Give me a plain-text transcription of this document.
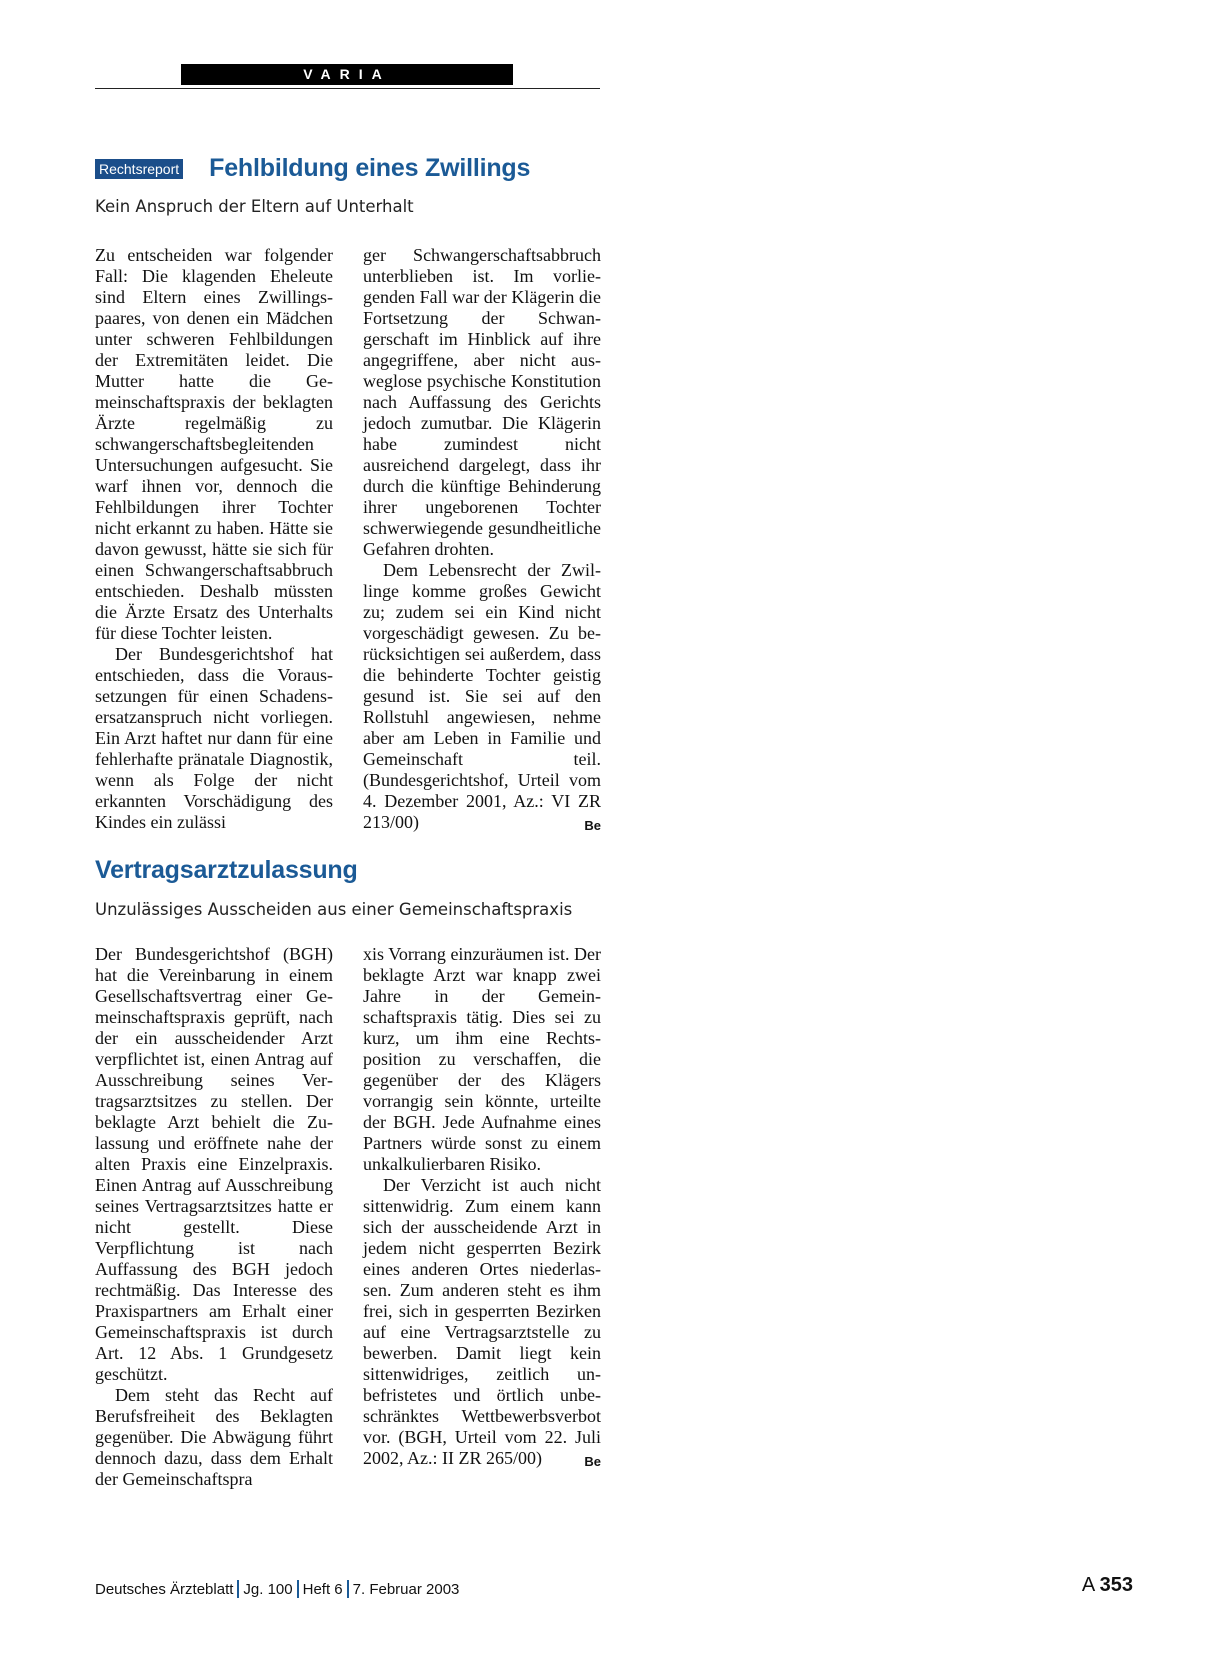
VARIA
Rechtsreport Fehlbildung eines Zwillings
Kein Anspruch der Eltern auf Unterhalt

Zu entscheiden war folgender Fall: Die klagenden Eheleute sind Eltern eines Zwillingspaares, von denen ein Mädchen unter schweren Fehlbildungen der Extremitäten leidet. Die Mutter hatte die Gemeinschaftspraxis der beklagten Ärzte regelmäßig zu schwangerschaftsbegleitenden Untersuchungen aufgesucht. Sie warf ihnen vor, dennoch die Fehlbildungen ihrer Tochter nicht erkannt zu haben. Hätte sie davon gewusst, hätte sie sich für einen Schwangerschaftsabbruch entschieden. Deshalb müssten die Ärzte Ersatz des Unterhalts für diese Tochter leisten.

Der Bundesgerichtshof hat entschieden, dass die Voraussetzungen für einen Schadensersatzanspruch nicht vorliegen. Ein Arzt haftet nur dann für eine fehlerhafte pränatale Diagnostik, wenn als Folge der nicht erkannten Vorschädigung des Kindes ein zulässi

ger Schwangerschaftsabbruch unterblieben ist. Im vorliegenden Fall war der Klägerin die Fortsetzung der Schwangerschaft im Hinblick auf ihre angegriffene, aber nicht ausweglose psychische Konstitution nach Auffassung des Gerichts jedoch zumutbar. Die Klägerin habe zumindest nicht ausreichend dargelegt, dass ihr durch die künftige Behinderung ihrer ungeborenen Tochter schwerwiegende gesundheitliche Gefahren drohten.

Dem Lebensrecht der Zwillinge komme großes Gewicht zu; zudem sei ein Kind nicht vorgeschädigt gewesen. Zu berücksichtigen sei außerdem, dass die behinderte Tochter geistig gesund ist. Sie sei auf den Rollstuhl angewiesen, nehme aber am Leben in Familie und Gemeinschaft teil. (Bundesgerichtshof, Urteil vom 4. Dezember 2001, Az.: VI ZR 213/00)	Be

Vertragsarztzulassung
Unzulässiges Ausscheiden aus einer Gemeinschaftspraxis

Der Bundesgerichtshof (BGH) hat die Vereinbarung in einem Gesellschaftsvertrag einer Gemeinschaftspraxis geprüft, nach der ein ausscheidender Arzt verpflichtet ist, einen Antrag auf Ausschreibung seines Vertragsarztsitzes zu stellen. Der beklagte Arzt behielt die Zulassung und eröffnete nahe der alten Praxis eine Einzelpraxis. Einen Antrag auf Ausschreibung seines Vertragsarztsitzes hatte er nicht gestellt. Diese Verpflichtung ist nach Auffassung des BGH jedoch rechtmäßig. Das Interesse des Praxispartners am Erhalt einer Gemeinschaftspraxis ist durch Art. 12 Abs. 1 Grundgesetz geschützt.

Dem steht das Recht auf Berufsfreiheit des Beklagten gegenüber. Die Abwägung führt dennoch dazu, dass dem Erhalt der Gemeinschaftspra

xis Vorrang einzuräumen ist. Der beklagte Arzt war knapp zwei Jahre in der Gemeinschaftspraxis tätig. Dies sei zu kurz, um ihm eine Rechtsposition zu verschaffen, die gegenüber der des Klägers vorrangig sein könnte, urteilte der BGH. Jede Aufnahme eines Partners würde sonst zu einem unkalkulierbaren Risiko.

Der Verzicht ist auch nicht sittenwidrig. Zum einem kann sich der ausscheidende Arzt in jedem nicht gesperrten Bezirk eines anderen Ortes niederlassen. Zum anderen steht es ihm frei, sich in gesperrten Bezirken auf eine Vertragsarztstelle zu bewerben. Damit liegt kein sittenwidriges, zeitlich unbefristetes und örtlich unbeschränktes Wettbewerbsverbot vor. (BGH, Urteil vom 22. Juli 2002, Az.: II ZR 265/00)	Be

Deutsches Ärzteblatt Jg. 100 Heft 6 7. Februar 2003	A 353
